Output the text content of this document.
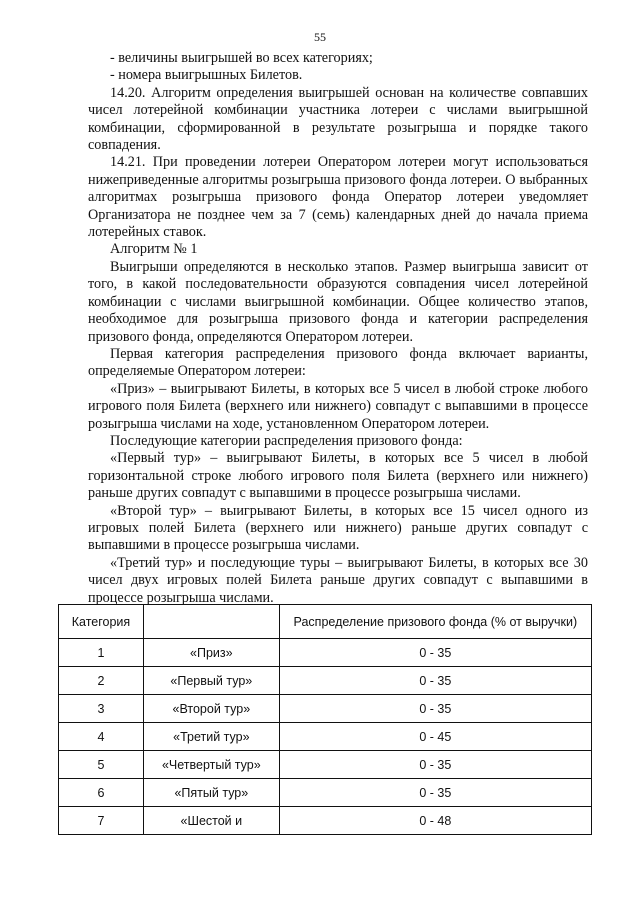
55

- величины выигрышей во всех категориях;

- номера выигрышных Билетов.

14.20. Алгоритм определения выигрышей основан на количестве совпавших чисел лотерейной комбинации участника лотереи с числами выигрышной комбинации, сформированной в результате розыгрыша и порядке такого совпадения.

14.21. При проведении лотереи Оператором лотереи могут использоваться нижеприведенные алгоритмы розыгрыша призового фонда лотереи. О выбранных алгоритмах розыгрыша призового фонда Оператор лотереи уведомляет Организатора не позднее чем за 7 (семь) календарных дней до начала приема лотерейных ставок.

Алгоритм № 1

Выигрыши определяются в несколько этапов. Размер выигрыша зависит от того, в какой последовательности образуются совпадения чисел лотерейной комбинации с числами выигрышной комбинации. Общее количество этапов, необходимое для розыгрыша призового фонда и категории распределения призового фонда, определяются Оператором лотереи.

Первая категория распределения призового фонда включает варианты, определяемые Оператором лотереи:

«Приз» – выигрывают Билеты, в которых все 5 чисел в любой строке любого игрового поля Билета (верхнего или нижнего) совпадут с выпавшими в процессе розыгрыша числами на ходе, установленном Оператором лотереи.

Последующие категории распределения призового фонда:

«Первый тур» – выигрывают Билеты, в которых все 5 чисел в любой горизонтальной строке любого игрового поля Билета (верхнего или нижнего) раньше других совпадут с выпавшими в процессе розыгрыша числами.

«Второй тур» – выигрывают Билеты, в которых все 15 чисел одного из игровых полей Билета (верхнего или нижнего) раньше других совпадут с выпавшими в процессе розыгрыша числами.

«Третий тур» и последующие туры – выигрывают Билеты, в которых все 30 чисел двух игровых полей Билета раньше других совпадут с выпавшими в процессе розыгрыша числами.

Категория		Распределение призового фонда (% от выручки)
1	«Приз»	0 - 35
2	«Первый тур»	0 - 35
3	«Второй тур»	0 - 35
4	«Третий тур»	0 - 45
5	«Четвертый тур»	0 - 35
6	«Пятый тур»	0 - 35
7	«Шестой и	0 - 48
